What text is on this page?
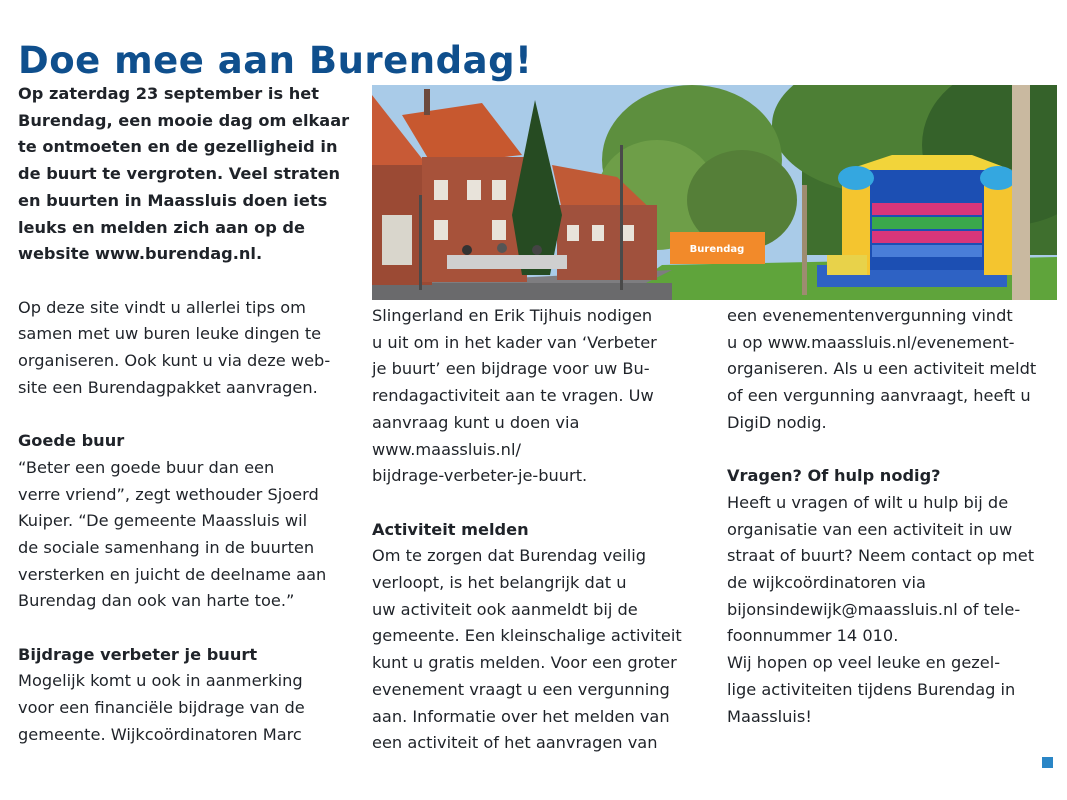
Doe mee aan Burendag!

Op zaterdag 23 september is het
Burendag, een mooie dag om elkaar
te ontmoeten en de gezelligheid in
de buurt te vergroten. Veel straten
en buurten in Maassluis doen iets
leuks en melden zich aan op de
website www.burendag.nl.

Op deze site vindt u allerlei tips om
samen met uw buren leuke dingen te
organiseren. Ook kunt u via deze web-
site een Burendagpakket aanvragen.

Goede buur

“Beter een goede buur dan een
verre vriend”, zegt wethouder Sjoerd
Kuiper. “De gemeente Maassluis wil
de sociale samenhang in de buurten
versterken en juicht de deelname aan
Burendag dan ook van harte toe.”

Bijdrage verbeter je buurt

Mogelijk komt u ook in aanmerking
voor een financiële bijdrage van de
gemeente. Wijkcoördinatoren Marc

Burendag

Slingerland en Erik Tijhuis nodigen
u uit om in het kader van ‘Verbeter
je buurt’ een bijdrage voor uw Bu-
rendagactiviteit aan te vragen. Uw
aanvraag kunt u doen via
www.maassluis.nl/
bijdrage-verbeter-je-buurt.

Activiteit melden

Om te zorgen dat Burendag veilig
verloopt, is het belangrijk dat u
uw activiteit ook aanmeldt bij de
gemeente. Een kleinschalige activiteit
kunt u gratis melden. Voor een groter
evenement vraagt u een vergunning
aan. Informatie over het melden van
een activiteit of het aanvragen van

een evenementenvergunning vindt
u op www.maassluis.nl/evenement-
organiseren. Als u een activiteit meldt
of een vergunning aanvraagt, heeft u
DigiD nodig.

Vragen? Of hulp nodig?

Heeft u vragen of wilt u hulp bij de
organisatie van een activiteit in uw
straat of buurt? Neem contact op met
de wijkcoördinatoren via
bijonsindewijk@maassluis.nl of tele-
foonnummer 14 010.
Wij hopen op veel leuke en gezel-
lige activiteiten tijdens Burendag in
Maassluis!
